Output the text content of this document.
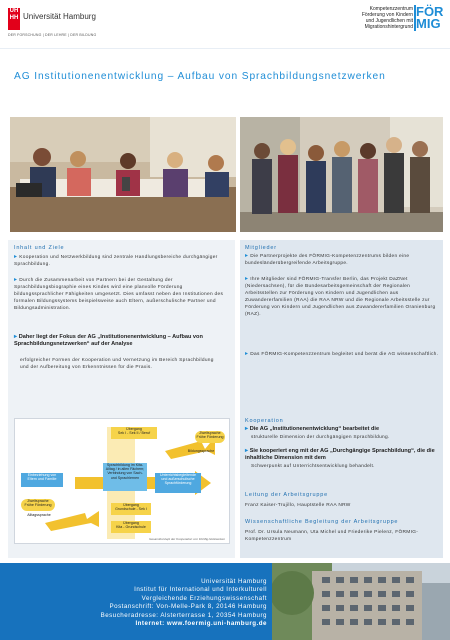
UH
HH Universität Hamburg
DER FORSCHUNG | DER LEHRE | DER BILDUNG
Kompetenzzentrum
Förderung von Kindern
und Jugendlichen mit
Migrationshintergrund
FÖR
MIG
AG Institutionenentwicklung – Aufbau von Sprachbildungsnetzwerken
Inhalt und Ziele
▸ Kooperation und Netzwerkbildung sind zentrale Handlungsbereiche durchgängiger Sprachbildung.
▸ Durch die Zusammenarbeit von Partnern bei der Gestaltung der Sprachbildungsbiographie eines Kindes wird eine planvolle Förderung bildungssprachlicher Fähigkeiten umgesetzt. Dies umfasst neben den Institutionen des formalen Bildungssystems beispielsweise auch Eltern, außerschulische Partner und Bildungsadministration.
▸ Daher liegt der Fokus der AG „Institutionenentwicklung – Aufbau von Sprachbildungsnetzwerken“ auf der Analyse
erfolgreicher Formen der Kooperation und Vernetzung im Bereich Sprachbildung und der Aufbereitung von Erkenntnissen für die Praxis.
Übergang
Sek I - Sek II / Beruf	Zweitsprache
Frühe Förderung
Bildungssprache
Einbeziehung von
Eltern und Familie
Sprachbildung im Kita-
Alltag / in allen Fächern;
Verbindung von Sach-
und Sprachlernen
Unterrichtsbegleitende
und außerschulische
Sprachförderung
Zweitsprache
Frühe Förderung
Alltagssprache
Übergang
Grundschule - Sek I
Übergang
Kita - Grundschule
Gesamtkonzept der Kooperation von FörMig-Netzwerken
Mitglieder
▸ Die Partnerprojekte des FÖRMIG-Kompetenzzentrums bilden eine bundesländerübergreifende Arbeitsgruppe.
▸ Ihre Mitglieder sind FÖRMIG-Transfer Berlin, das Projekt DaZNet (Niedersachsen), für die Bundesarbeitsgemeinschaft der Regionalen Arbeitsstellen zur Förderung von Kindern und Jugendlichen aus Zuwandererfamilien (RAA) die RAA NRW und die Regionale Arbeitsstelle zur Förderung von Kindern und Jugendlichen aus Zuwandererfamilien Oranienburg (RAZ).
▸ Das FÖRMIG-Kompetenzzentrum begleitet und berät die AG wissenschaftlich.
Kooperation
▸ Die AG „Institutionenentwicklung“ bearbeitet die
strukturelle Dimension der durchgängigen Sprachbildung.
▸ Sie kooperiert eng mit der AG „Durchgängige Sprachbildung“, die die inhaltliche Dimension mit dem
Schwerpunkt auf Unterrichtsentwicklung behandelt.
Leitung der Arbeitsgruppe
Franz Kaiser-Trujillo, Hauptstelle RAA NRW
Wissenschaftliche Begleitung der Arbeitsgruppe
Prof. Dr. Ursula Neumann, Uta Michel und Friederike Pielenz, FÖRMIG-Kompetenzzentrum
Universität Hamburg
Institut für International und Interkulturell
Vergleichende Erziehungswissenschaft
Postanschrift: Von-Melle-Park 8, 20146 Hamburg
Besucheradresse: Alsterterrasse 1, 20354 Hamburg
Internet: www.foermig.uni-hamburg.de
